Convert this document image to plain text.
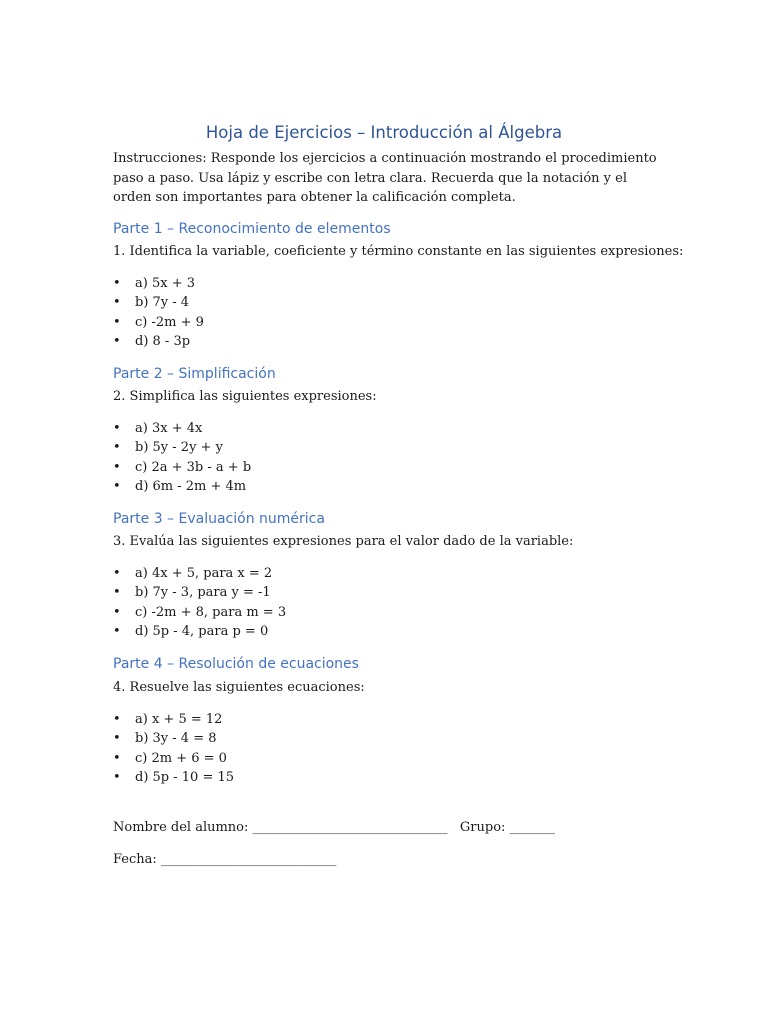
Hoja de Ejercicios – Introducción al Álgebra

Instrucciones: Responde los ejercicios a continuación mostrando el procedimiento paso a paso. Usa lápiz y escribe con letra clara. Recuerda que la notación y el orden son importantes para obtener la calificación completa.

Parte 1 – Reconocimiento de elementos

1. Identifica la variable, coeficiente y término constante en las siguientes expresiones:

• a) 5x + 3
• b) 7y - 4
• c) -2m + 9
• d) 8 - 3p
Parte 2 – Simplificación

2. Simplifica las siguientes expresiones:

• a) 3x + 4x
• b) 5y - 2y + y
• c) 2a + 3b - a + b
• d) 6m - 2m + 4m
Parte 3 – Evaluación numérica

3. Evalúa las siguientes expresiones para el valor dado de la variable:

• a) 4x + 5, para x = 2
• b) 7y - 3, para y = -1
• c) -2m + 8, para m = 3
• d) 5p - 4, para p = 0
Parte 4 – Resolución de ecuaciones

4. Resuelve las siguientes ecuaciones:

• a) x + 5 = 12
• b) 3y - 4 = 8
• c) 2m + 6 = 0
• d) 5p - 10 = 15

Nombre del alumno: ______________________________   Grupo: _______

Fecha: ___________________________
